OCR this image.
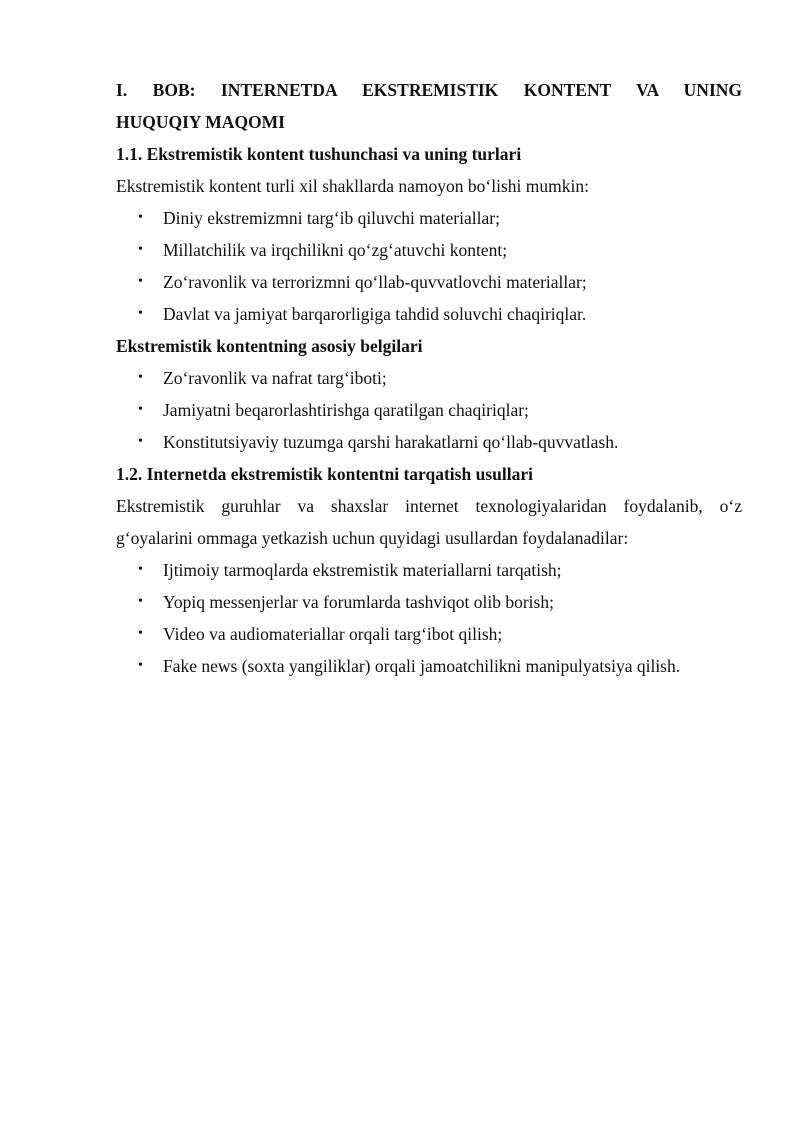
I. BOB: INTERNETDA EKSTREMISTIK KONTENT VA UNING

HUQUQIY MAQOMI

1.1. Ekstremistik kontent tushunchasi va uning turlari

Ekstremistik kontent turli xil shakllarda namoyon bo‘lishi mumkin:

• Diniy ekstremizmni targ‘ib qiluvchi materiallar;
• Millatchilik va irqchilikni qo‘zg‘atuvchi kontent;
• Zo‘ravonlik va terrorizmni qo‘llab-quvvatlovchi materiallar;
• Davlat va jamiyat barqarorligiga tahdid soluvchi chaqiriqlar.

Ekstremistik kontentning asosiy belgilari

• Zo‘ravonlik va nafrat targ‘iboti;
• Jamiyatni beqarorlashtirishga qaratilgan chaqiriqlar;
• Konstitutsiyaviy tuzumga qarshi harakatlarni qo‘llab-quvvatlash.

1.2. Internetda ekstremistik kontentni tarqatish usullari

Ekstremistik guruhlar va shaxslar internet texnologiyalaridan foydalanib, o‘z

g‘oyalarini ommaga yetkazish uchun quyidagi usullardan foydalanadilar:

• Ijtimoiy tarmoqlarda ekstremistik materiallarni tarqatish;
• Yopiq messenjerlar va forumlarda tashviqot olib borish;
• Video va audiomateriallar orqali targ‘ibot qilish;
• Fake news (soxta yangiliklar) orqali jamoatchilikni manipulyatsiya qilish.
